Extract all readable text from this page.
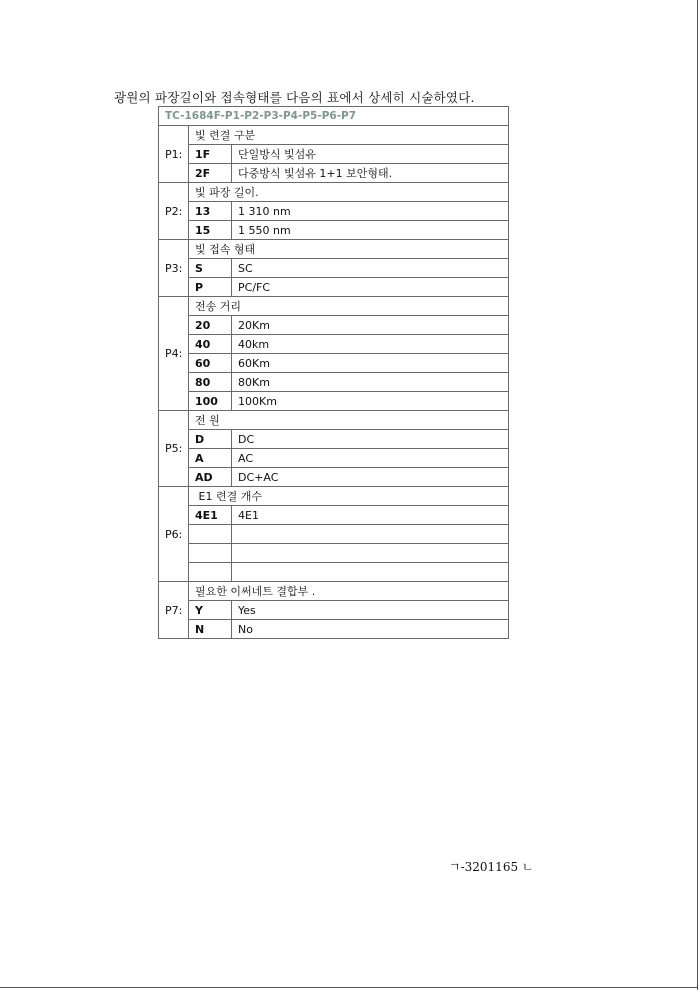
광원의 파장길이와 접속형태를 다음의 표에서 상세히 시술하였다.
TC-1684F-P1-P2-P3-P4-P5-P6-P7		
P1:	빛 련결 구분	
	1F	단일방식 빛섬유
	2F	다중방식 빛섬유 1+1 보안형태.
P2:	빛 파장 길이.	
	13	1 310 nm
	15	1 550 nm
P3:	빛 접속 형태	
	S	SC
	P	PC/FC
P4:	전송 거리	
	20	20Km
	40	40km
	60	60Km
	80	80Km
	100	100Km
P5:	전 원	
	D	DC
	A	AC
	AD	DC+AC
P6:	E1 련결 개수	
	4E1	4E1

P7:	필요한 이써네트 결합부 .	
	Y	Yes
	N	No
ㄱ-3201165 ㄴ
